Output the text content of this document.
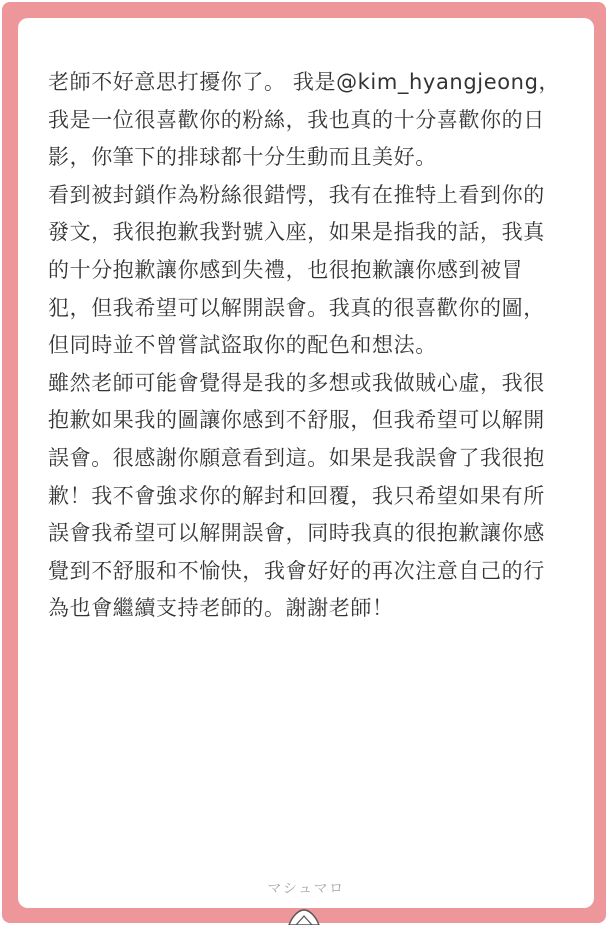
老師不好意思打擾你了。 我是@kim_hyangjeong，我是一位很喜歡你的粉絲，我也真的十分喜歡你的日影，你筆下的排球都十分生動而且美好。

看到被封鎖作為粉絲很錯愕，我有在推特上看到你的發文，我很抱歉我對號入座，如果是指我的話，我真的十分抱歉讓你感到失禮，也很抱歉讓你感到被冒犯，但我希望可以解開誤會。我真的很喜歡你的圖，但同時並不曾嘗試盜取你的配色和想法。

雖然老師可能會覺得是我的多想或我做賊心虛，我很抱歉如果我的圖讓你感到不舒服，但我希望可以解開誤會。很感謝你願意看到這。如果是我誤會了我很抱歉！我不會強求你的解封和回覆，我只希望如果有所誤會我希望可以解開誤會，同時我真的很抱歉讓你感覺到不舒服和不愉快，我會好好的再次注意自己的行為也會繼續支持老師的。謝謝老師！

マシュマロ
